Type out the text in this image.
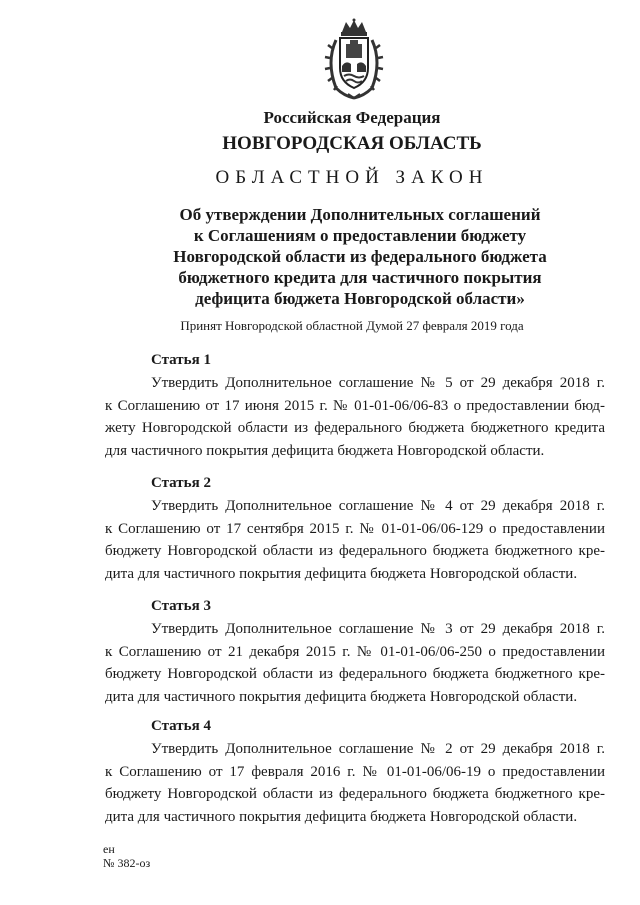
Российская Федерация
НОВГОРОДСКАЯ ОБЛАСТЬ
ОБЛАСТНОЙ ЗАКОН
Об утверждении Дополнительных соглашений
к Соглашениям о предоставлении бюджету
Новгородской области из федерального бюджета
бюджетного кредита для частичного покрытия
дефицита бюджета Новгородской области»
Принят Новгородской областной Думой 27 февраля 2019 года
Статья 1
Утвердить Дополнительное соглашение № 5 от 29 декабря 2018 г.
к Соглашению от 17 июня 2015 г. № 01-01-06/06-83 о предоставлении бюд-
жету Новгородской области из федерального бюджета бюджетного кредита
для частичного покрытия дефицита бюджета Новгородской области.
Статья 2
Утвердить Дополнительное соглашение № 4 от 29 декабря 2018 г.
к Соглашению от 17 сентября 2015 г. № 01-01-06/06-129 о предоставлении
бюджету Новгородской области из федерального бюджета бюджетного кре-
дита для частичного покрытия дефицита бюджета Новгородской области.
Статья 3
Утвердить Дополнительное соглашение № 3 от 29 декабря 2018 г.
к Соглашению от 21 декабря 2015 г. № 01-01-06/06-250 о предоставлении
бюджету Новгородской области из федерального бюджета бюджетного кре-
дита для частичного покрытия дефицита бюджета Новгородской области.
Статья 4
Утвердить Дополнительное соглашение № 2 от 29 декабря 2018 г.
к Соглашению от 17 февраля 2016 г. № 01-01-06/06-19 о предоставлении
бюджету Новгородской области из федерального бюджета бюджетного кре-
дита для частичного покрытия дефицита бюджета Новгородской области.
ен
№ 382-оз
